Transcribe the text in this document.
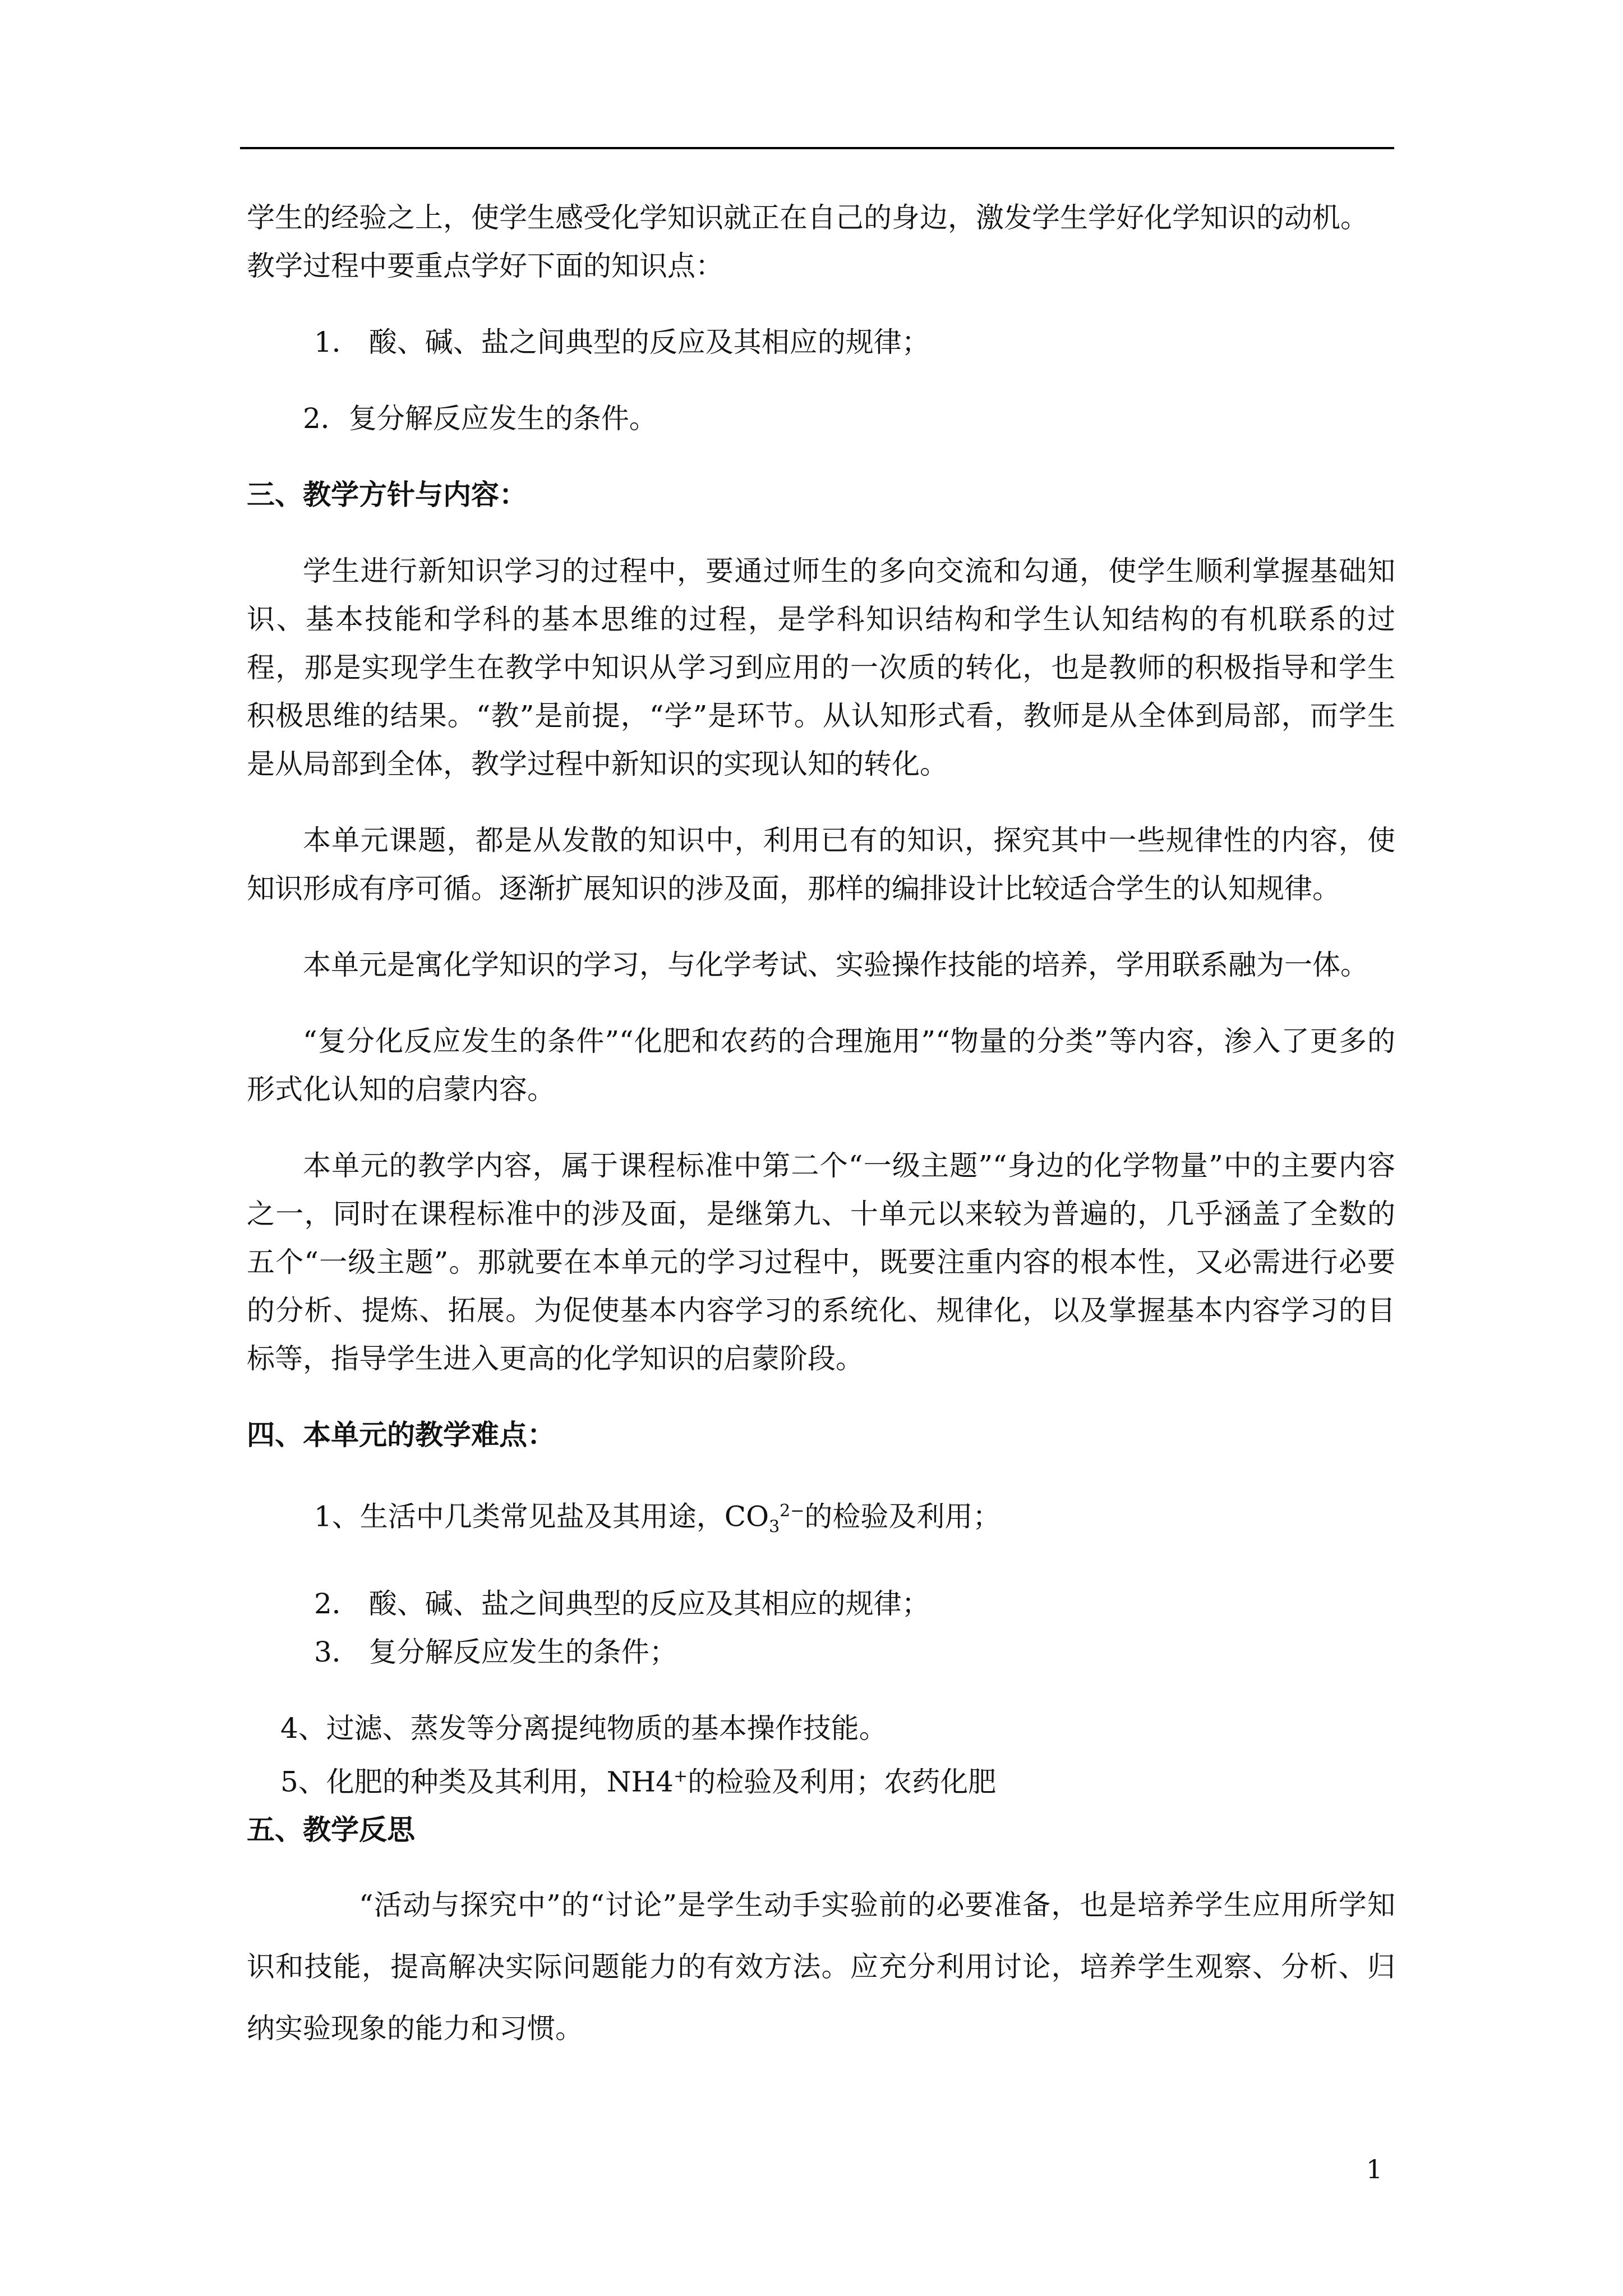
学生的经验之上，使学生感受化学知识就正在自己的身边，激发学生学好化学知识的动机。

教学过程中要重点学好下面的知识点：

1． 酸、碱、盐之间典型的反应及其相应的规律；

2．复分解反应发生的条件。

三、教学方针与内容：

学生进行新知识学习的过程中，要通过师生的多向交流和勾通，使学生顺利掌握基础知识、基本技能和学科的基本思维的过程，是学科知识结构和学生认知结构的有机联系的过程，那是实现学生在教学中知识从学习到应用的一次质的转化，也是教师的积极指导和学生积极思维的结果。“教”是前提，“学”是环节。从认知形式看，教师是从全体到局部，而学生是从局部到全体，教学过程中新知识的实现认知的转化。

本单元课题，都是从发散的知识中，利用已有的知识，探究其中一些规律性的内容，使知识形成有序可循。逐渐扩展知识的涉及面，那样的编排设计比较适合学生的认知规律。

本单元是寓化学知识的学习，与化学考试、实验操作技能的培养，学用联系融为一体。

“复分化反应发生的条件”“化肥和农药的合理施用”“物量的分类”等内容，渗入了更多的形式化认知的启蒙内容。

本单元的教学内容，属于课程标准中第二个“一级主题”“身边的化学物量”中的主要内容之一，同时在课程标准中的涉及面，是继第九、十单元以来较为普遍的，几乎涵盖了全数的五个“一级主题”。那就要在本单元的学习过程中，既要注重内容的根本性，又必需进行必要的分析、提炼、拓展。为促使基本内容学习的系统化、规律化，以及掌握基本内容学习的目标等，指导学生进入更高的化学知识的启蒙阶段。

四、本单元的教学难点：

1、生活中几类常见盐及其用途，$CO_3^{2-}$的检验及利用；

2． 酸、碱、盐之间典型的反应及其相应的规律；

3． 复分解反应发生的条件；

4、过滤、蒸发等分离提纯物质的基本操作技能。

5、化肥的种类及其利用，NH4+的检验及利用；农药化肥

五、教学反思

“活动与探究中”的“讨论”是学生动手实验前的必要准备，也是培养学生应用所学知识和技能，提高解决实际问题能力的有效方法。应充分利用讨论，培养学生观察、分析、归纳实验现象的能力和习惯。

1
